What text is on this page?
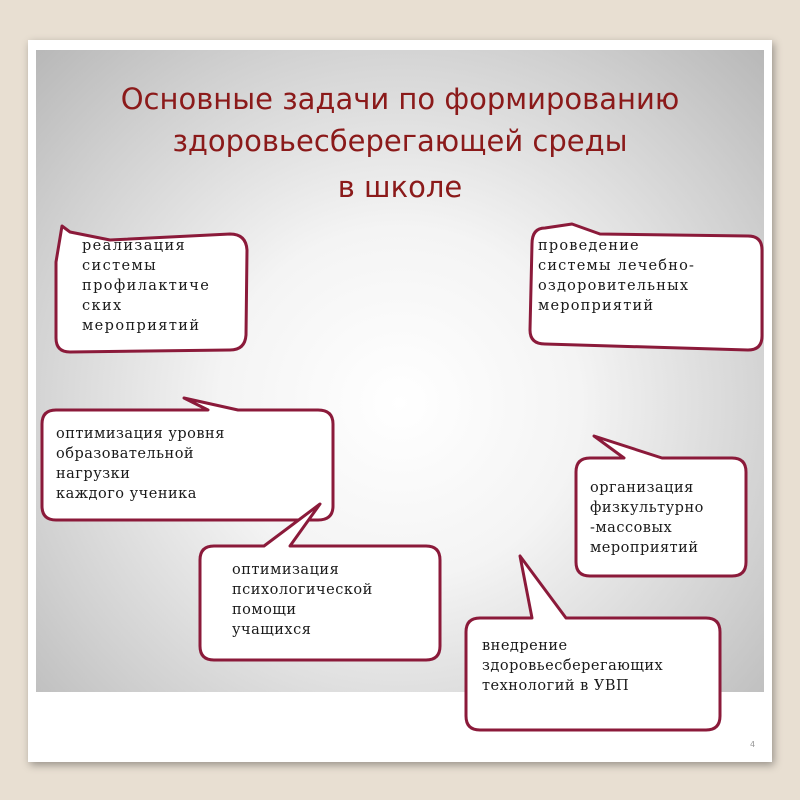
Основные задачи по формированию
здоровьесберегающей среды
в школе
реализация
системы
профилактиче
ских
мероприятий
проведение
системы лечебно-
оздоровительных
мероприятий
оптимизация уровня
образовательной
нагрузки
каждого ученика	организация
физкультурно
-массовых
мероприятий
оптимизация
психологической
помощи
учащихся
внедрение
здоровьесберегающих
технологий в УВП
4
